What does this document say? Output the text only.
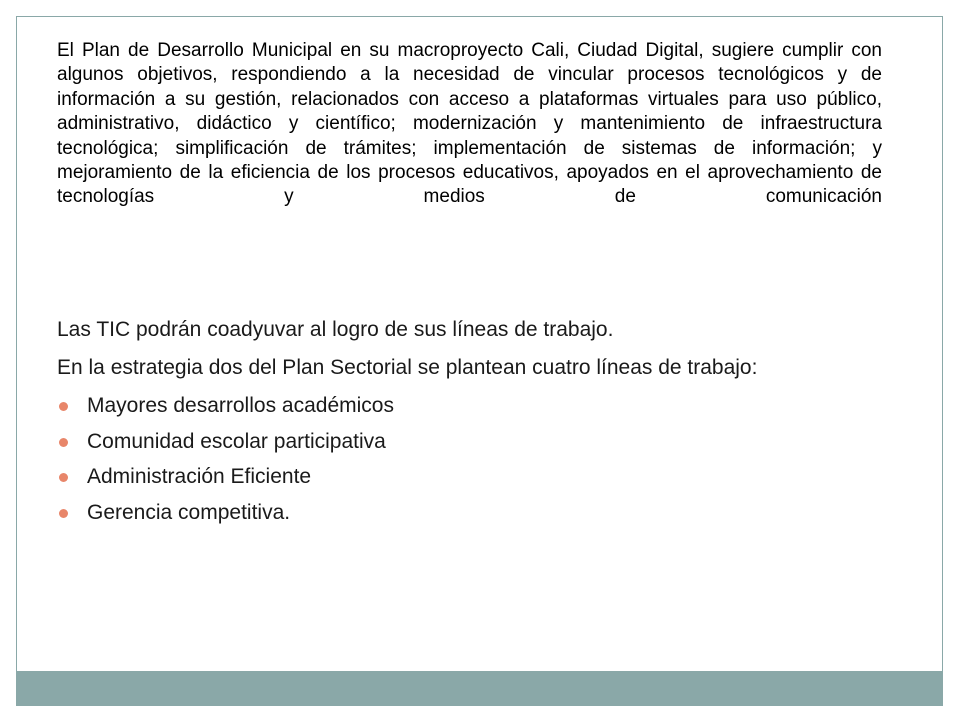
El Plan de Desarrollo Municipal en su macroproyecto Cali, Ciudad Digital, sugiere cumplir con algunos objetivos, respondiendo a la necesidad de vincular procesos tecnológicos y de información a su gestión, relacionados con acceso a plataformas virtuales para uso público, administrativo, didáctico y científico; modernización y mantenimiento de infraestructura tecnológica; simplificación de trámites; implementación de sistemas de información; y mejoramiento de la eficiencia de los procesos educativos, apoyados en el aprovechamiento de tecnologías y medios de comunicación

Las TIC podrán coadyuvar al logro de sus líneas de trabajo.

En la estrategia dos del Plan Sectorial se plantean cuatro líneas de trabajo:

Mayores desarrollos académicos
Comunidad escolar participativa
Administración Eficiente
Gerencia competitiva.
